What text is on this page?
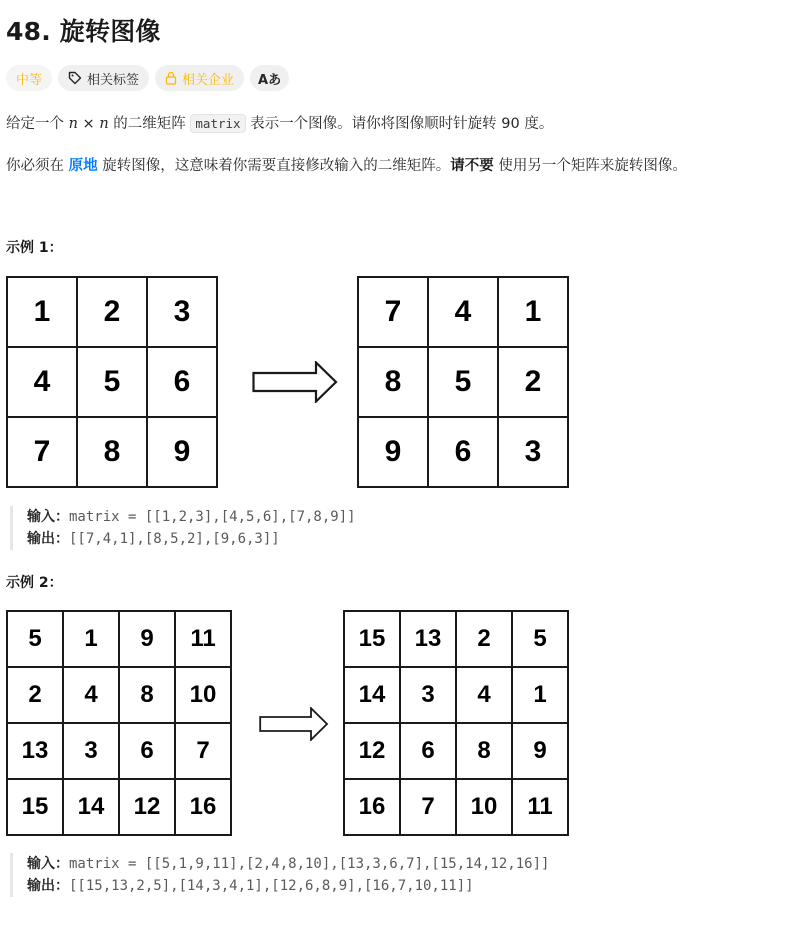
48. 旋转图像
中等	相关标签	相关企业	Aあ
给定一个 n × n 的二维矩阵 matrix 表示一个图像。请你将图像顺时针旋转 90 度。
你必须在 原地 旋转图像，这意味着你需要直接修改输入的二维矩阵。请不要 使用另一个矩阵来旋转图像。
示例 1：
1	2	3
4	5	6
7	8	9
7	4	1
8	5	2
9	6	3
输入：matrix = [[1,2,3],[4,5,6],[7,8,9]]
输出：[[7,4,1],[8,5,2],[9,6,3]]
示例 2：
5	1	9	11
2	4	8	10
13	3	6	7
15	14	12	16
15	13	2	5
14	3	4	1
12	6	8	9
16	7	10	11
输入：matrix = [[5,1,9,11],[2,4,8,10],[13,3,6,7],[15,14,12,16]]
输出：[[15,13,2,5],[14,3,4,1],[12,6,8,9],[16,7,10,11]]
